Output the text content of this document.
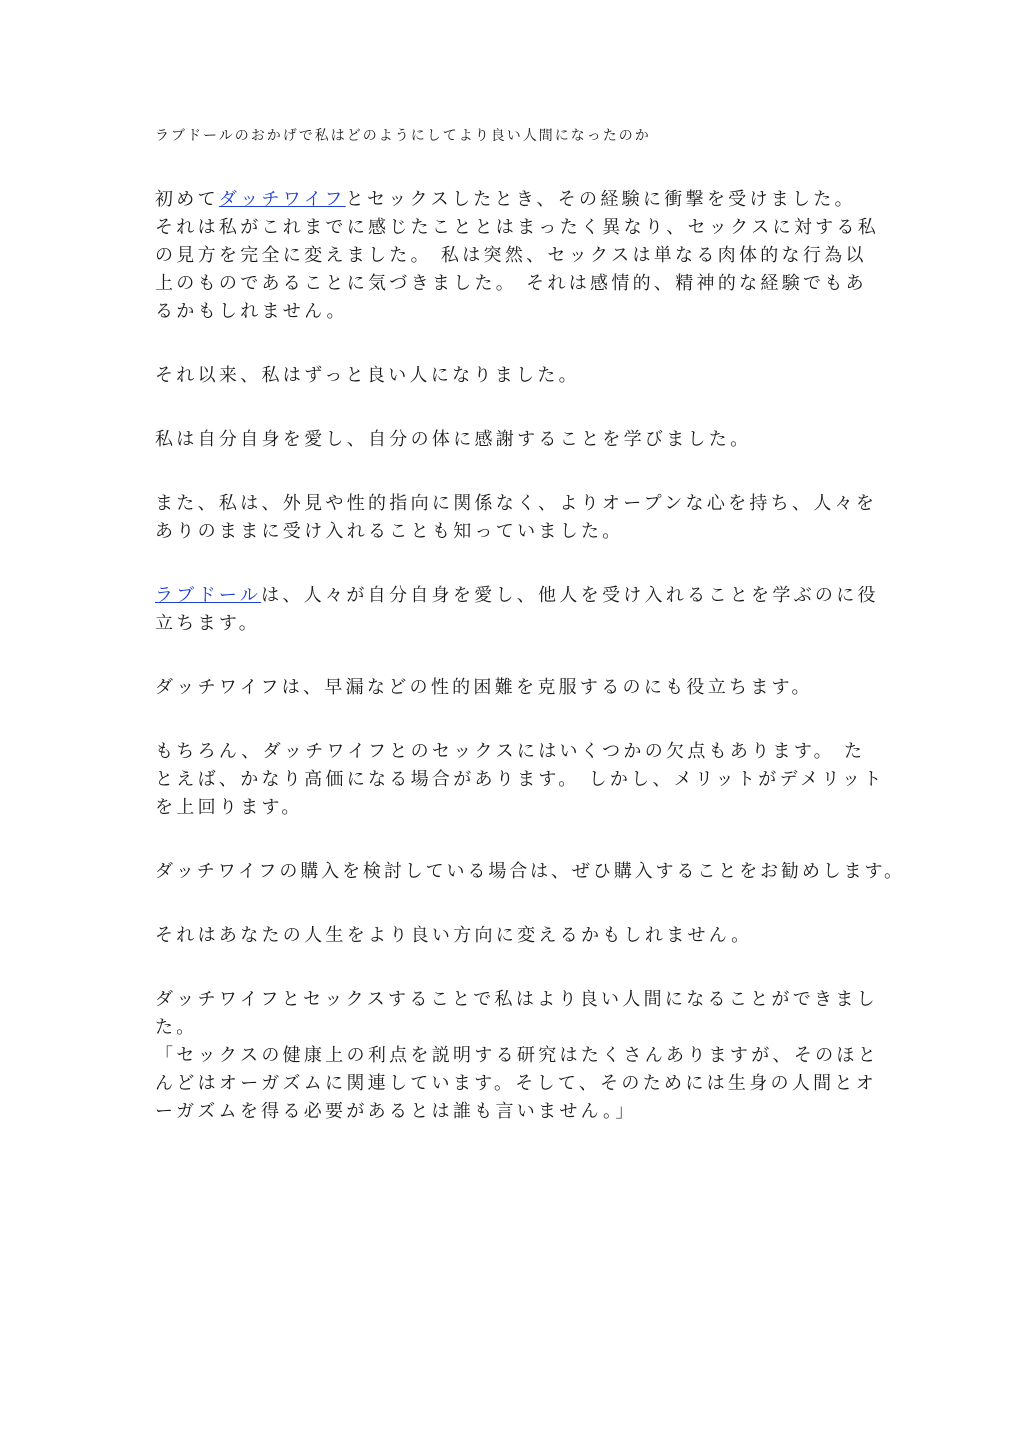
ラブドールのおかげで私はどのようにしてより良い人間になったのか

初めてダッチワイフとセックスしたとき、その経験に衝撃を受けました。 それは私がこれまでに感じたこととはまったく異なり、セックスに対する私の見方を完全に変えました。 私は突然、セックスは単なる肉体的な行為以上のものであることに気づきました。 それは感情的、精神的な経験でもあるかもしれません。

それ以来、私はずっと良い人になりました。

私は自分自身を愛し、自分の体に感謝することを学びました。

また、私は、外見や性的指向に関係なく、よりオープンな心を持ち、人々をありのままに受け入れることも知っていました。

ラブドールは、人々が自分自身を愛し、他人を受け入れることを学ぶのに役立ちます。

ダッチワイフは、早漏などの性的困難を克服するのにも役立ちます。

もちろん、ダッチワイフとのセックスにはいくつかの欠点もあります。 たとえば、かなり高価になる場合があります。 しかし、メリットがデメリットを上回ります。

ダッチワイフの購入を検討している場合は、ぜひ購入することをお勧めします。

それはあなたの人生をより良い方向に変えるかもしれません。

ダッチワイフとセックスすることで私はより良い人間になることができました。

「セックスの健康上の利点を説明する研究はたくさんありますが、そのほとんどはオーガズムに関連しています。そして、そのためには生身の人間とオーガズムを得る必要があるとは誰も言いません。」
